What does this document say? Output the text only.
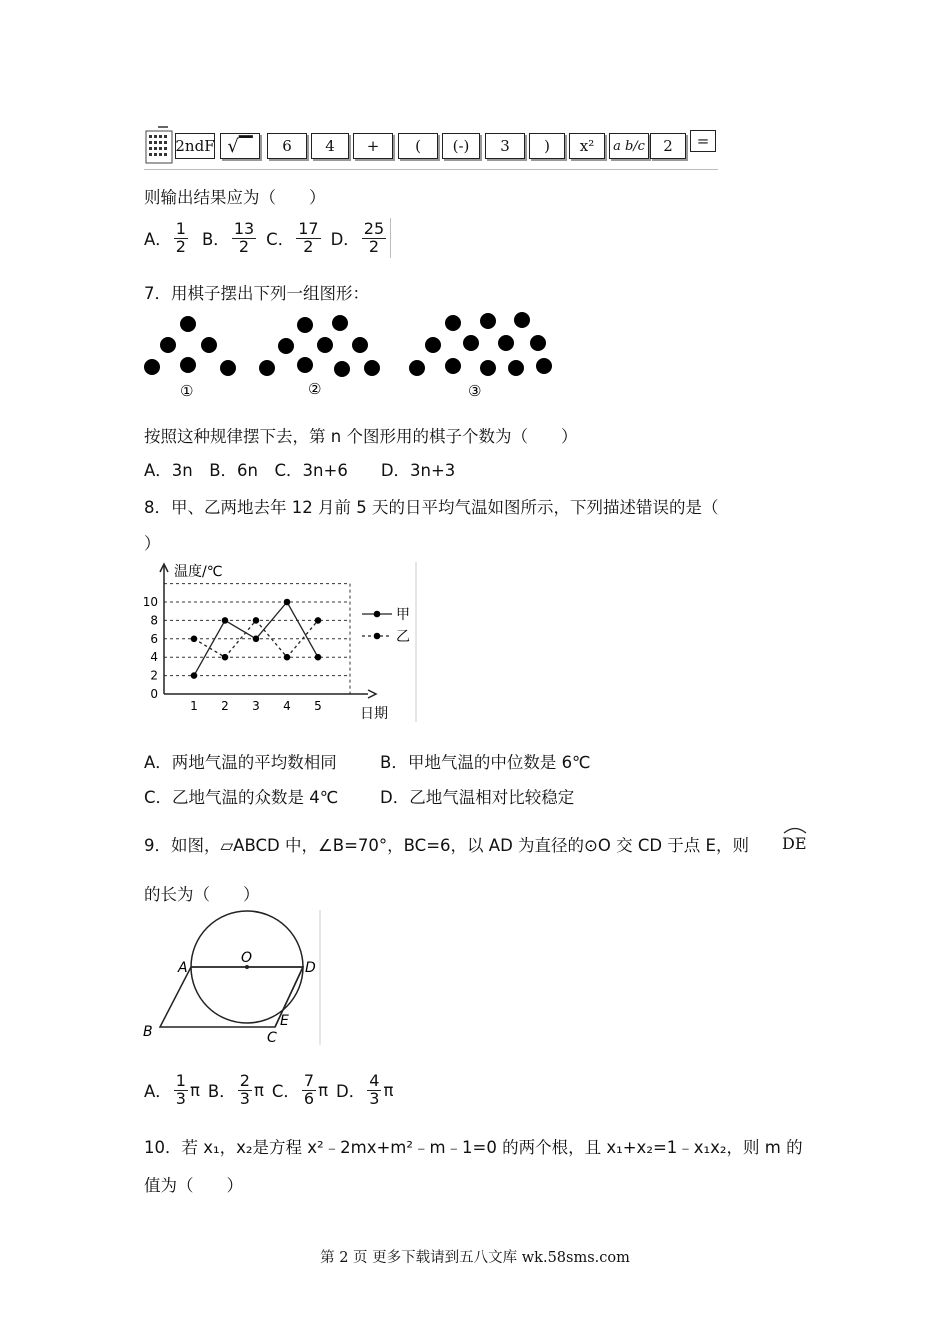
2ndF √▔	6	4	+	(	(-)	3	)	x²	a b/c	2	=
则输出结果应为（　　）
A． $\frac{1}{2}$ B． $\frac{13}{2}$ C． $\frac{17}{2}$ D． $\frac{25}{2}$
7．用棋子摆出下列一组图形：
①	②	③
按照这种规律摆下去，第 n 个图形用的棋子个数为（　　）
A．3n　B．6n　C．3n+6　　D．3n+3
8．甲、乙两地去年 12 月前 5 天的日平均气温如图所示，下列描述错误的是（
）
0
2
4
6
8
10
1 2 3 4 5
温度/℃
日期
甲
乙
A．两地气温的平均数相同	B．甲地气温的中位数是 6℃
C．乙地气温的众数是 4℃	D．乙地气温相对比较稳定
9．如图，▱ABCD 中，∠B=70°，BC=6，以 AD 为直径的⊙O 交 CD 于点 E，则 DE
的长为（　　）
A
O
D
B	C
E
A． $\frac{1}{3}$ π B． $\frac{2}{3}$ π C． $\frac{7}{6}$ π D． $\frac{4}{3}$ π
10．若 x₁，x₂是方程 x²﹣2mx+m²﹣m﹣1=0 的两个根，且 x₁+x₂=1﹣x₁x₂，则 m 的
值为（　　）
第 2 页 更多下载请到五八文库 wk.58sms.com
